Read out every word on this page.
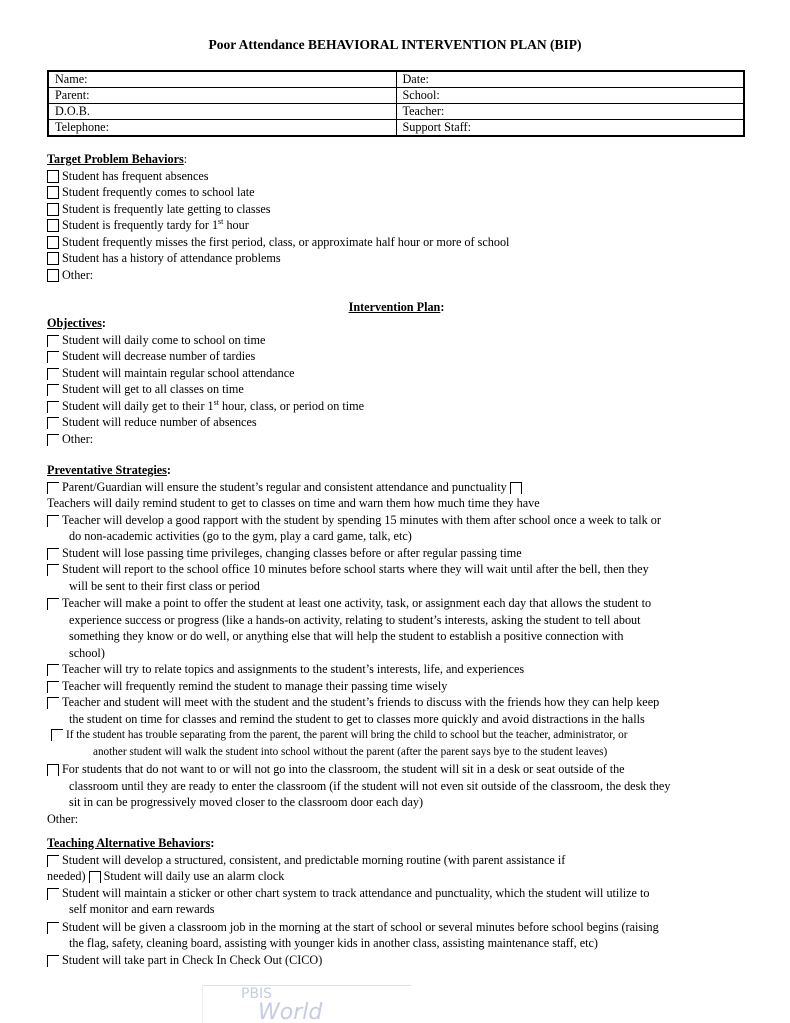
Poor Attendance BEHAVIORAL INTERVENTION PLAN (BIP)
Name:	Date:
Parent:	School:
D.O.B.	Teacher:
Telephone:	Support Staff:
Target Problem Behaviors:
Student has frequent absences
Student frequently comes to school late
Student is frequently late getting to classes
Student is frequently tardy for 1st hour
Student frequently misses the first period, class, or approximate half hour or more of school
Student has a history of attendance problems
Other:
Intervention Plan:
Objectives:
Student will daily come to school on time
Student will decrease number of tardies
Student will maintain regular school attendance
Student will get to all classes on time
Student will daily get to their 1st hour, class, or period on time
Student will reduce number of absences
Other:
Preventative Strategies:
Parent/Guardian will ensure the student’s regular and consistent attendance and punctuality
Teachers will daily remind student to get to classes on time and warn them how much time they have
Teacher will develop a good rapport with the student by spending 15 minutes with them after school once a week to talk or
do non-academic activities (go to the gym, play a card game, talk, etc)
Student will lose passing time privileges, changing classes before or after regular passing time
Student will report to the school office 10 minutes before school starts where they will wait until after the bell, then they
will be sent to their first class or period
Teacher will make a point to offer the student at least one activity, task, or assignment each day that allows the student to
experience success or progress (like a hands-on activity, relating to student’s interests, asking the student to tell about
something they know or do well, or anything else that will help the student to establish a positive connection with
school)
Teacher will try to relate topics and assignments to the student’s interests, life, and experiences
Teacher will frequently remind the student to manage their passing time wisely
Teacher and student will meet with the student and the student’s friends to discuss with the friends how they can help keep
the student on time for classes and remind the student to get to classes more quickly and avoid distractions in the halls
If the student has trouble separating from the parent, the parent will bring the child to school but the teacher, administrator, or
another student will walk the student into school without the parent (after the parent says bye to the student leaves)
For students that do not want to or will not go into the classroom, the student will sit in a desk or seat outside of the
classroom until they are ready to enter the classroom (if the student will not even sit outside of the classroom, the desk they
sit in can be progressively moved closer to the classroom door each day)
Other:
Teaching Alternative Behaviors:
Student will develop a structured, consistent, and predictable morning routine (with parent assistance if
needed) Student will daily use an alarm clock
Student will maintain a sticker or other chart system to track attendance and punctuality, which the student will utilize to
self monitor and earn rewards
Student will be given a classroom job in the morning at the start of school or several minutes before school begins (raising
the flag, safety, cleaning board, assisting with younger kids in another class, assisting maintenance staff, etc)
Student will take part in Check In Check Out (CICO)
PBIS
World
